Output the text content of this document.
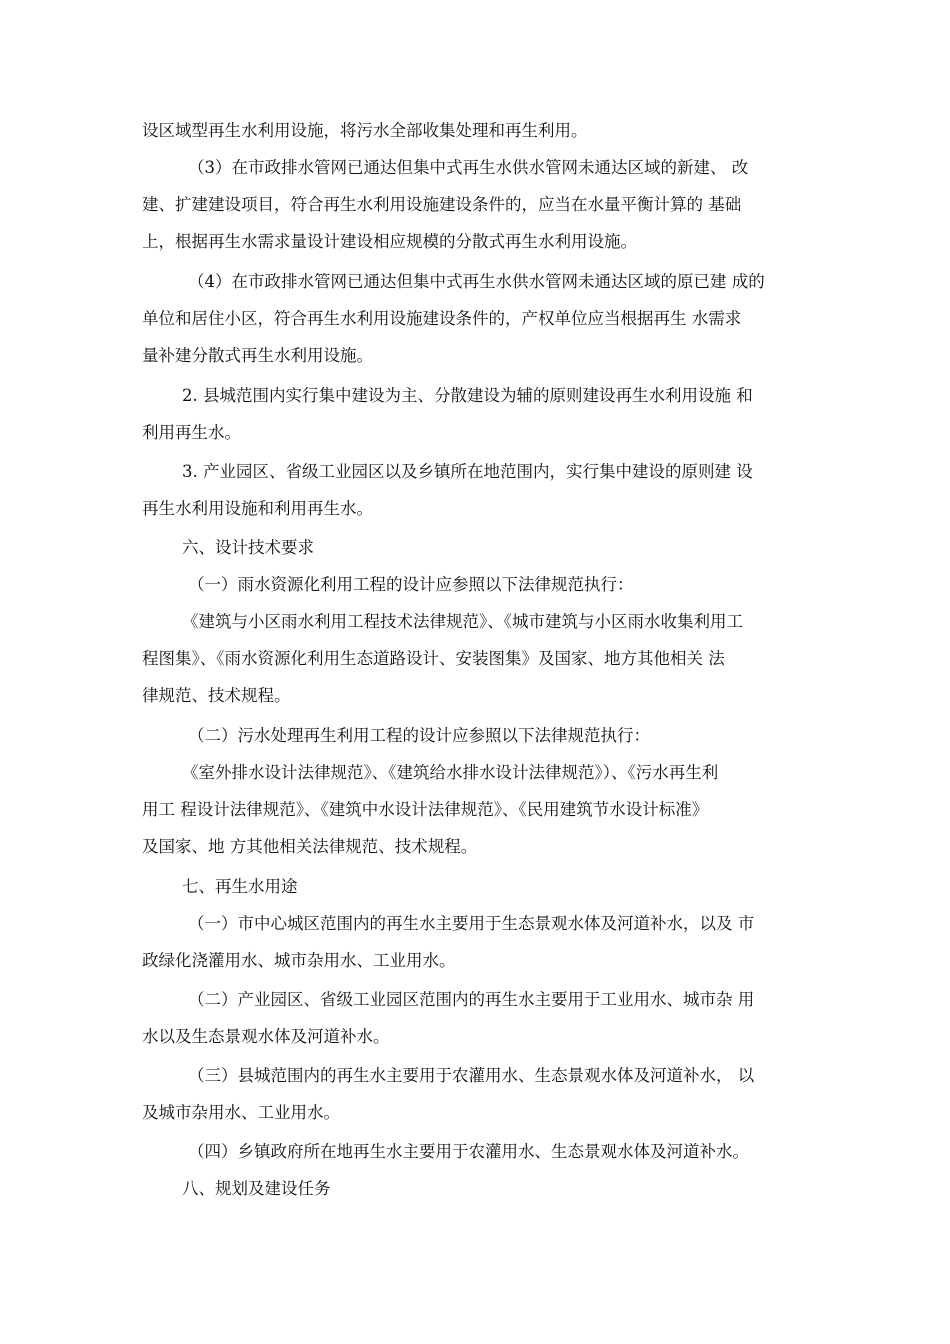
设区域型再生水利用设施，将污水全部收集处理和再生利用。

（3）在市政排水管网已通达但集中式再生水供水管网未通达区域的新建、 改
建、扩建建设项目，符合再生水利用设施建设条件的，应当在水量平衡计算的 基础
上，根据再生水需求量设计建设相应规模的分散式再生水利用设施。

（4）在市政排水管网已通达但集中式再生水供水管网未通达区域的原已建 成的
单位和居住小区，符合再生水利用设施建设条件的，产权单位应当根据再生 水需求
量补建分散式再生水利用设施。

2. 县城范围内实行集中建设为主、分散建设为辅的原则建设再生水利用设施 和
利用再生水。

3. 产业园区、省级工业园区以及乡镇所在地范围内，实行集中建设的原则建 设
再生水利用设施和利用再生水。

六、设计技术要求

（一）雨水资源化利用工程的设计应参照以下法律规范执行：

《建筑与小区雨水利用工程技术法律规范》、《城市建筑与小区雨水收集利用工
程图集》、《雨水资源化利用生态道路设计、安装图集》及国家、地方其他相关 法
律规范、技术规程。

（二）污水处理再生利用工程的设计应参照以下法律规范执行：

《室外排水设计法律规范》、《建筑给水排水设计法律规范》）、《污水再生利
用工 程设计法律规范》、《建筑中水设计法律规范》、《民用建筑节水设计标准》
及国家、地 方其他相关法律规范、技术规程。

七、再生水用途

（一）市中心城区范围内的再生水主要用于生态景观水体及河道补水，以及 市
政绿化浇灌用水、城市杂用水、工业用水。

（二）产业园区、省级工业园区范围内的再生水主要用于工业用水、城市杂 用
水以及生态景观水体及河道补水。

（三）县城范围内的再生水主要用于农灌用水、生态景观水体及河道补水， 以
及城市杂用水、工业用水。

（四）乡镇政府所在地再生水主要用于农灌用水、生态景观水体及河道补水。

八、规划及建设任务
